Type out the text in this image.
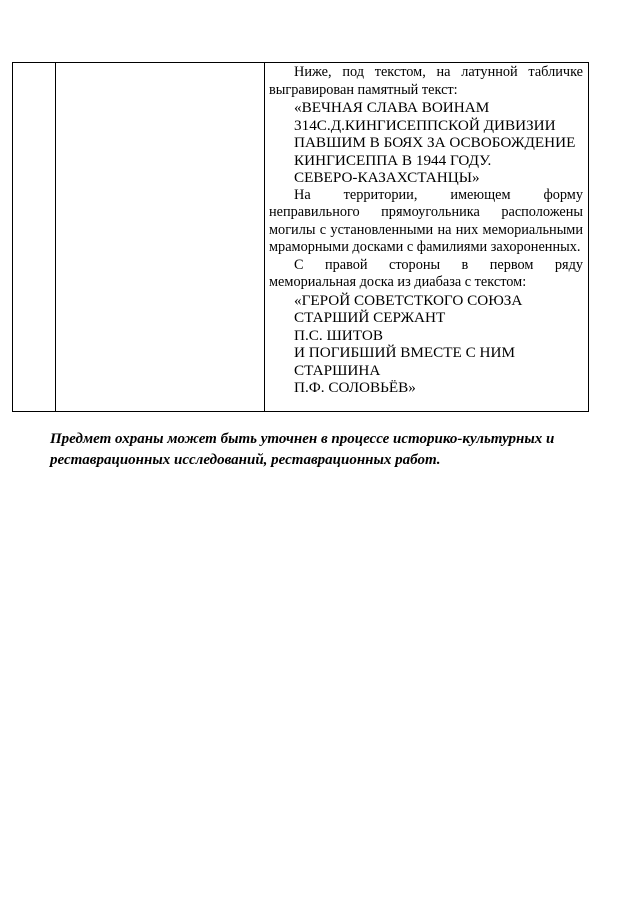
Ниже, под текстом, на латунной табличке выгравирован памятный текст:

«ВЕЧНАЯ СЛАВА ВОИНАМ
314С.Д.КИНГИСЕППСКОЙ ДИВИЗИИ
ПАВШИМ В БОЯХ ЗА ОСВОБОЖДЕНИЕ
КИНГИСЕППА В 1944 ГОДУ.
СЕВЕРО-КАЗАХСТАНЦЫ»

На территории, имеющем форму неправильного прямоугольника расположены могилы с установленными на них мемориальными мраморными досками с фамилиями захороненных.

С правой стороны в первом ряду мемориальная доска из диабаза с текстом:

«ГЕРОЙ СОВЕТСТКОГО СОЮЗА
СТАРШИЙ СЕРЖАНТ
П.С. ШИТОВ
И ПОГИБШИЙ ВМЕСТЕ С НИМ
СТАРШИНА
П.Ф. СОЛОВЬЁВ»

Предмет охраны может быть уточнен в процессе историко-культурных и реставрационных исследований, реставрационных работ.
